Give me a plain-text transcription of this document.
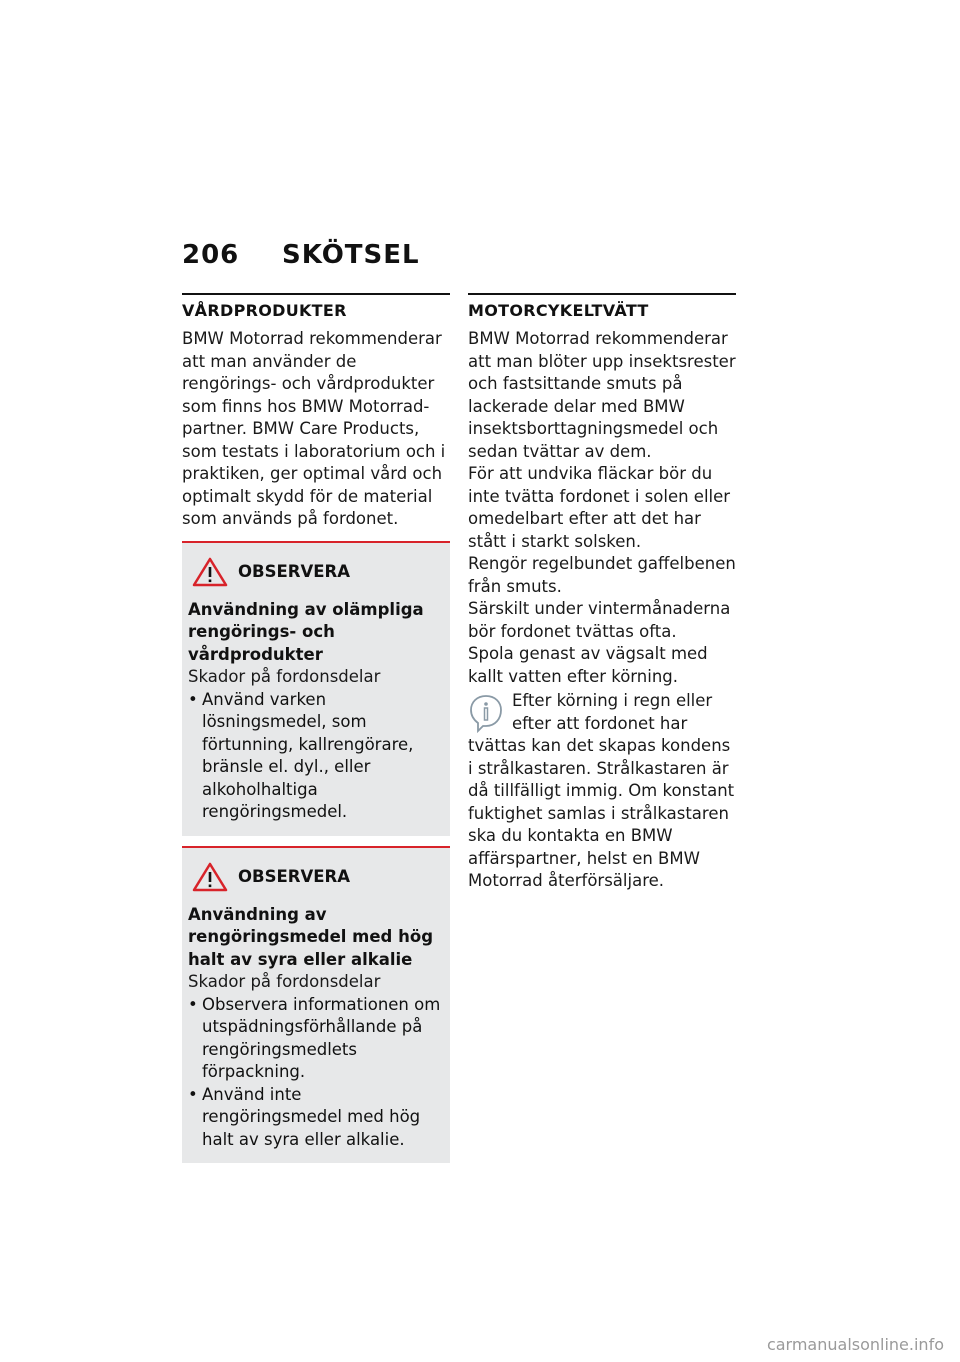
206 SKÖTSEL
VÅRDPRODUKTER

BMW Motorrad rekommenderar att man använder de rengörings- och vårdprodukter som finns hos BMW Motorrad-partner. BMW Care Products, som testats i laboratorium och i praktiken, ger optimal vård och optimalt skydd för de material som används på fordonet.

OBSERVERA

Användning av olämpliga rengörings- och vårdprodukter

Skador på fordonsdelar

• Använd varken lösningsmedel, som förtunning, kallrengörare, bränsle el. dyl., eller alkoholhaltiga rengöringsmedel.
OBSERVERA

Användning av rengöringsmedel med hög halt av syra eller alkalie

Skador på fordonsdelar

• Observera informationen om utspädningsförhållande på rengöringsmedlets förpackning.
• Använd inte rengöringsmedel med hög halt av syra eller alkalie.
MOTORCYKELTVÄTT

BMW Motorrad rekommenderar att man blöter upp insektsrester och fastsittande smuts på lackerade delar med BMW insektsborttagningsmedel och sedan tvättar av dem.

För att undvika fläckar bör du inte tvätta fordonet i solen eller omedelbart efter att det har stått i starkt solsken.

Rengör regelbundet gaffelbenen från smuts.

Särskilt under vintermånaderna bör fordonet tvättas ofta.

Spola genast av vägsalt med kallt vatten efter körning.

Efter körning i regn eller efter att fordonet har tvättas kan det skapas kondens i strålkastaren. Strålkastaren är då tillfälligt immig. Om konstant fuktighet samlas i strålkastaren ska du kontakta en BMW affärspartner, helst en BMW Motorrad återförsäljare.

carmanualsonline.info
